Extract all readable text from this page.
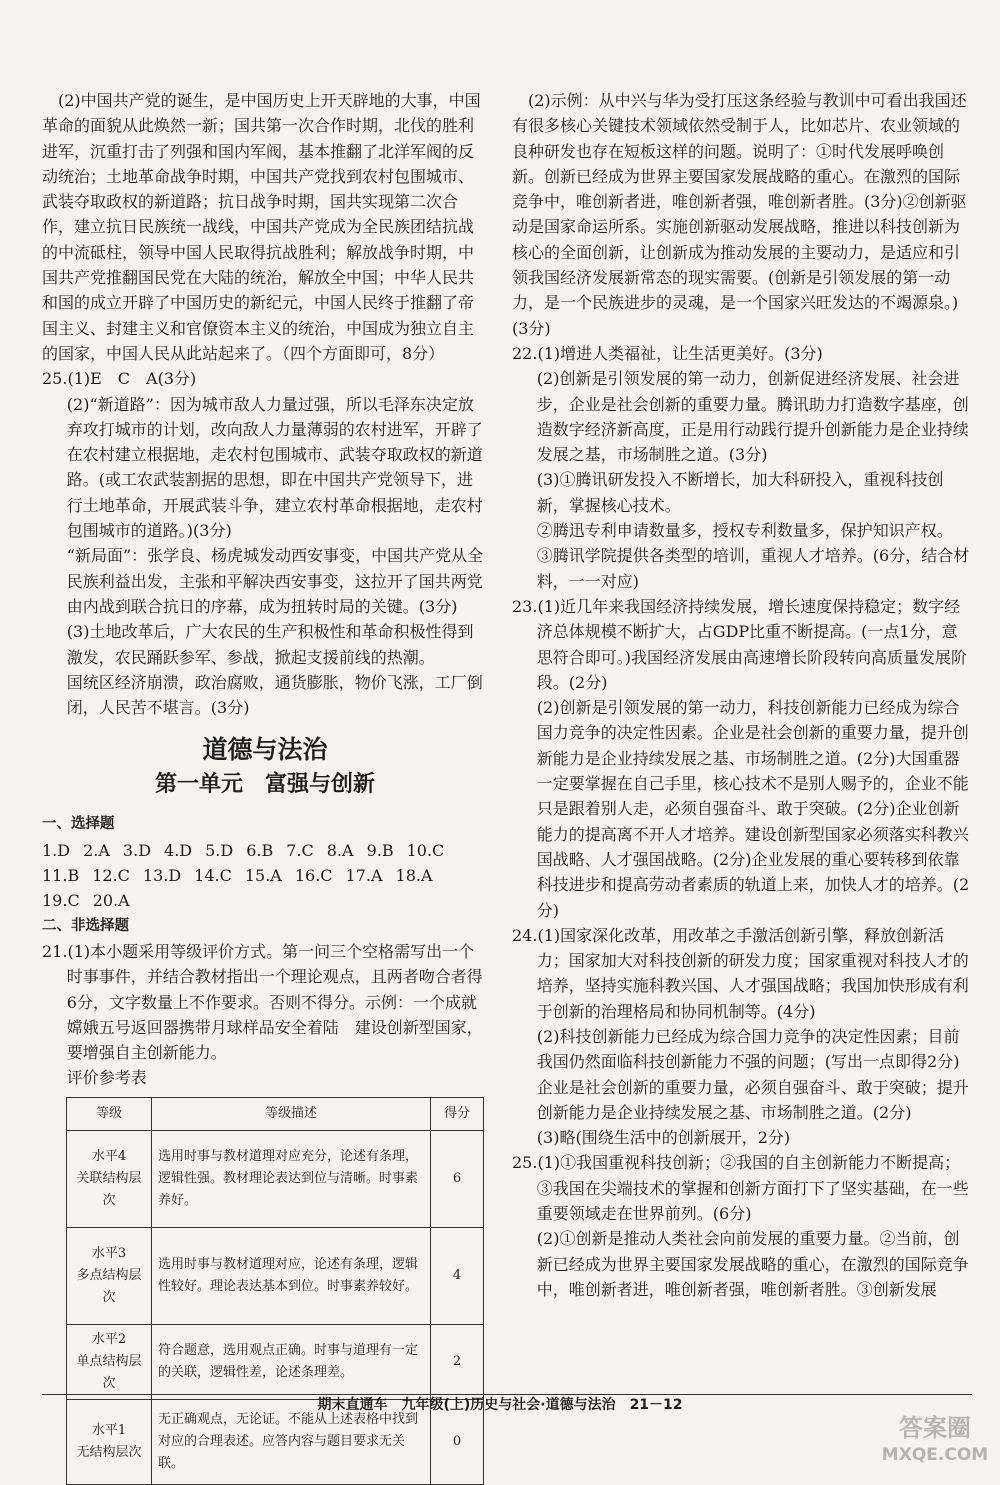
(2)中国共产党的诞生，是中国历史上开天辟地的大事，中国革命的面貌从此焕然一新；国共第一次合作时期，北伐的胜利进军，沉重打击了列强和国内军阀，基本推翻了北洋军阀的反动统治；土地革命战争时期，中国共产党找到农村包围城市、武装夺取政权的新道路；抗日战争时期，国共实现第二次合作，建立抗日民族统一战线，中国共产党成为全民族团结抗战的中流砥柱，领导中国人民取得抗战胜利；解放战争时期，中国共产党推翻国民党在大陆的统治，解放全中国；中华人民共和国的成立开辟了中国历史的新纪元，中国人民终于推翻了帝国主义、封建主义和官僚资本主义的统治，中国成为独立自主的国家，中国人民从此站起来了。（四个方面即可，8分）

25.(1)E　C　A(3分)

(2)“新道路”：因为城市敌人力量过强，所以毛泽东决定放弃攻打城市的计划，改向敌人力量薄弱的农村进军，开辟了在农村建立根据地，走农村包围城市、武装夺取政权的新道路。(或工农武装割据的思想，即在中国共产党领导下，进行土地革命，开展武装斗争，建立农村革命根据地，走农村包围城市的道路。)(3分)

“新局面”：张学良、杨虎城发动西安事变，中国共产党从全民族利益出发，主张和平解决西安事变，这拉开了国共两党由内战到联合抗日的序幕，成为扭转时局的关键。(3分)

(3)土地改革后，广大农民的生产积极性和革命积极性得到激发，农民踊跃参军、参战，掀起支援前线的热潮。

国统区经济崩溃，政治腐败，通货膨胀，物价飞涨，工厂倒闭，人民苦不堪言。(3分)

道德与法治
第一单元　富强与创新

一、选择题

1.D 2.A 3.D 4.D 5.D 6.B 7.C 8.A 9.B 10.C

11.B 12.C 13.D 14.C 15.A 16.C 17.A 18.A

19.C 20.A

二、非选择题

21.(1)本小题采用等级评价方式。第一问三个空格需写出一个时事事件，并结合教材指出一个理论观点，且两者吻合者得6分，文字数量上不作要求。否则不得分。示例：一个成就嫦娥五号返回器携带月球样品安全着陆　建设创新型国家，要增强自主创新能力。

评价参考表

等级	等级描述	得分
水平4
关联结构层次	选用时事与教材道理对应充分，论述有条理，逻辑性强。教材理论表达到位与清晰。时事素养好。	6
水平3
多点结构层次	选用时事与教材道理对应，论述有条理，逻辑性较好。理论表达基本到位。时事素养较好。	4
水平2
单点结构层次	符合题意，选用观点正确。时事与道理有一定的关联，逻辑性差，论述条理差。	2
水平1
无结构层次	无正确观点，无论证。不能从上述表格中找到对应的合理表述。应答内容与题目要求无关联。	0

(2)示例：从中兴与华为受打压这条经验与教训中可看出我国还有很多核心关键技术领域依然受制于人，比如芯片、农业领域的良种研发也存在短板这样的问题。说明了：①时代发展呼唤创新。创新已经成为世界主要国家发展战略的重心。在激烈的国际竞争中，唯创新者进，唯创新者强，唯创新者胜。(3分)②创新驱动是国家命运所系。实施创新驱动发展战略，推进以科技创新为核心的全面创新，让创新成为推动发展的主要动力，是适应和引领我国经济发展新常态的现实需要。(创新是引领发展的第一动力，是一个民族进步的灵魂，是一个国家兴旺发达的不竭源泉。)(3分)

22.(1)增进人类福祉，让生活更美好。(3分)

(2)创新是引领发展的第一动力，创新促进经济发展、社会进步，企业是社会创新的重要力量。腾讯助力打造数字基座，创造数字经济新高度，正是用行动践行提升创新能力是企业持续发展之基，市场制胜之道。(3分)

(3)①腾讯研发投入不断增长，加大科研投入，重视科技创新，掌握核心技术。

②腾迅专利申请数量多，授权专利数量多，保护知识产权。

③腾讯学院提供各类型的培训，重视人才培养。(6分，结合材料，一一对应)

23.(1)近几年来我国经济持续发展，增长速度保持稳定；数字经济总体规模不断扩大，占GDP比重不断提高。(一点1分，意思符合即可。)我国经济发展由高速增长阶段转向高质量发展阶段。(2分)

(2)创新是引领发展的第一动力，科技创新能力已经成为综合国力竞争的决定性因素。企业是社会创新的重要力量，提升创新能力是企业持续发展之基、市场制胜之道。(2分)大国重器一定要掌握在自己手里，核心技术不是别人赐予的，企业不能只是跟着别人走，必须自强奋斗、敢于突破。(2分)企业创新能力的提高离不开人才培养。建设创新型国家必须落实科教兴国战略、人才强国战略。(2分)企业发展的重心要转移到依靠科技进步和提高劳动者素质的轨道上来，加快人才的培养。(2分)

24.(1)国家深化改革，用改革之手激活创新引擎，释放创新活力；国家加大对科技创新的研发力度；国家重视对科技人才的培养，坚持实施科教兴国、人才强国战略；我国加快形成有利于创新的治理格局和协同机制等。(4分)

(2)科技创新能力已经成为综合国力竞争的决定性因素；目前我国仍然面临科技创新能力不强的问题；(写出一点即得2分)企业是社会创新的重要力量，必须自强奋斗、敢于突破；提升创新能力是企业持续发展之基、市场制胜之道。(2分)

(3)略(围绕生活中的创新展开，2分)

25.(1)①我国重视科技创新；②我国的自主创新能力不断提高；③我国在尖端技术的掌握和创新方面打下了坚实基础，在一些重要领域走在世界前列。(6分)

(2)①创新是推动人类社会向前发展的重要力量。②当前，创新已经成为世界主要国家发展战略的重心，在激烈的国际竞争中，唯创新者进，唯创新者强，唯创新者胜。③创新发展

期末直通车　九年级(上)历史与社会·道德与法治　21－12
答案圈
MXQE.COM
